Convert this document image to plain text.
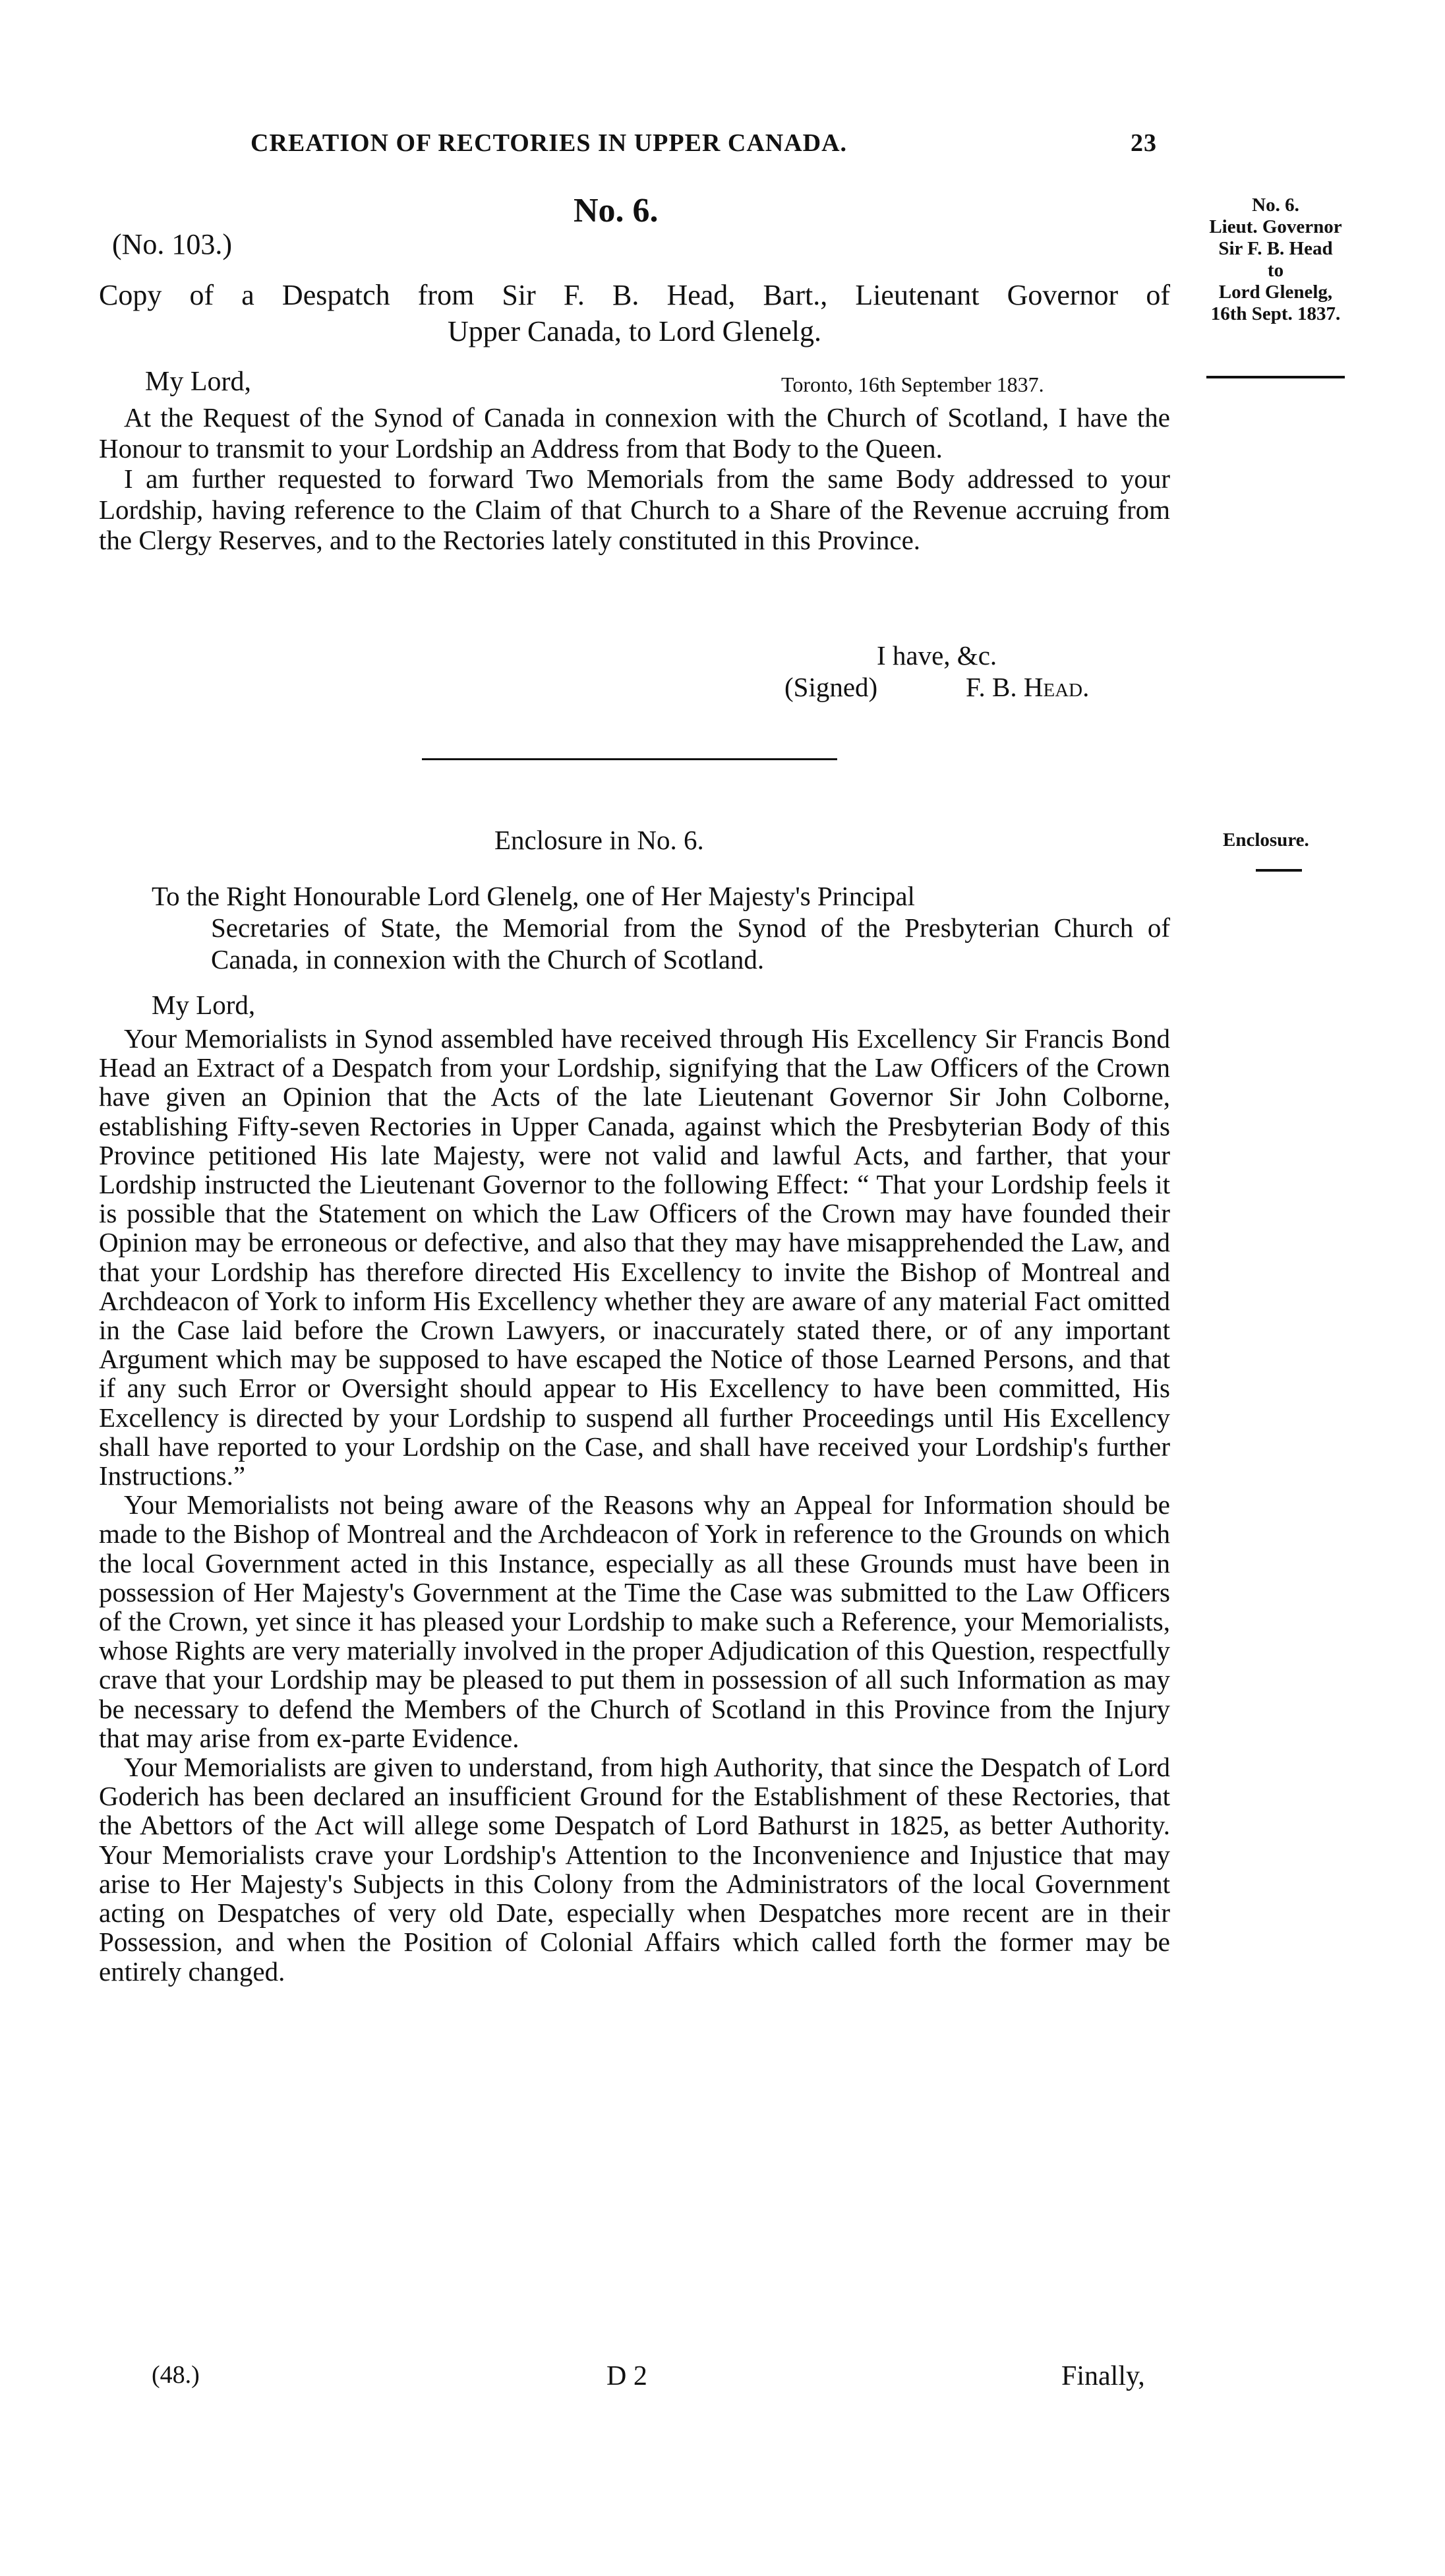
CREATION OF RECTORIES IN UPPER CANADA.	23
No. 6.
(No. 103.)
Copy of a Despatch from Sir F. B. Head, Bart., Lieutenant Governor of
Upper Canada, to Lord Glenelg.
My Lord,	Toronto, 16th September 1837.

At the Request of the Synod of Canada in connexion with the Church of Scotland, I have the Honour to transmit to your Lordship an Address from that Body to the Queen.

I am further requested to forward Two Memorials from the same Body addressed to your Lordship, having reference to the Claim of that Church to a Share of the Revenue accruing from the Clergy Reserves, and to the Rectories lately constituted in this Province.

I have, &c.
(Signed)	F. B. Head.
Enclosure in No. 6.
To the Right Honourable Lord Glenelg, one of Her Majesty's Principal
Secretaries of State, the Memorial from the Synod of the Presbyterian Church of Canada, in connexion with the Church of Scotland.
My Lord,

Your Memorialists in Synod assembled have received through His Excellency Sir Francis Bond Head an Extract of a Despatch from your Lordship, signifying that the Law Officers of the Crown have given an Opinion that the Acts of the late Lieutenant Governor Sir John Colborne, establishing Fifty-seven Rectories in Upper Canada, against which the Presbyterian Body of this Province petitioned His late Majesty, were not valid and lawful Acts, and farther, that your Lordship instructed the Lieutenant Governor to the following Effect: “ That your Lordship feels it is possible that the Statement on which the Law Officers of the Crown may have founded their Opinion may be erroneous or defective, and also that they may have misapprehended the Law, and that your Lordship has therefore directed His Excellency to invite the Bishop of Montreal and Archdeacon of York to inform His Excellency whether they are aware of any material Fact omitted in the Case laid before the Crown Lawyers, or inaccurately stated there, or of any important Argument which may be supposed to have escaped the Notice of those Learned Persons, and that if any such Error or Oversight should appear to His Excellency to have been committed, His Excellency is directed by your Lordship to suspend all further Proceedings until His Excellency shall have reported to your Lordship on the Case, and shall have received your Lordship's further Instructions.”

Your Memorialists not being aware of the Reasons why an Appeal for Information should be made to the Bishop of Montreal and the Archdeacon of York in reference to the Grounds on which the local Government acted in this Instance, especially as all these Grounds must have been in possession of Her Majesty's Government at the Time the Case was submitted to the Law Officers of the Crown, yet since it has pleased your Lordship to make such a Reference, your Memorialists, whose Rights are very materially involved in the proper Adjudication of this Question, respectfully crave that your Lordship may be pleased to put them in possession of all such Information as may be necessary to defend the Members of the Church of Scotland in this Province from the Injury that may arise from ex-parte Evidence.

Your Memorialists are given to understand, from high Authority, that since the Despatch of Lord Goderich has been declared an insufficient Ground for the Establishment of these Rectories, that the Abettors of the Act will allege some Despatch of Lord Bathurst in 1825, as better Authority. Your Memorialists crave your Lordship's Attention to the Inconvenience and Injustice that may arise to Her Majesty's Subjects in this Colony from the Administrators of the local Government acting on Despatches of very old Date, especially when Despatches more recent are in their Possession, and when the Position of Colonial Affairs which called forth the former may be entirely changed.

(48.)	D 2	Finally,
No. 6.
Lieut. Governor
Sir F. B. Head
to
Lord Glenelg,
16th Sept. 1837.
Enclosure.
